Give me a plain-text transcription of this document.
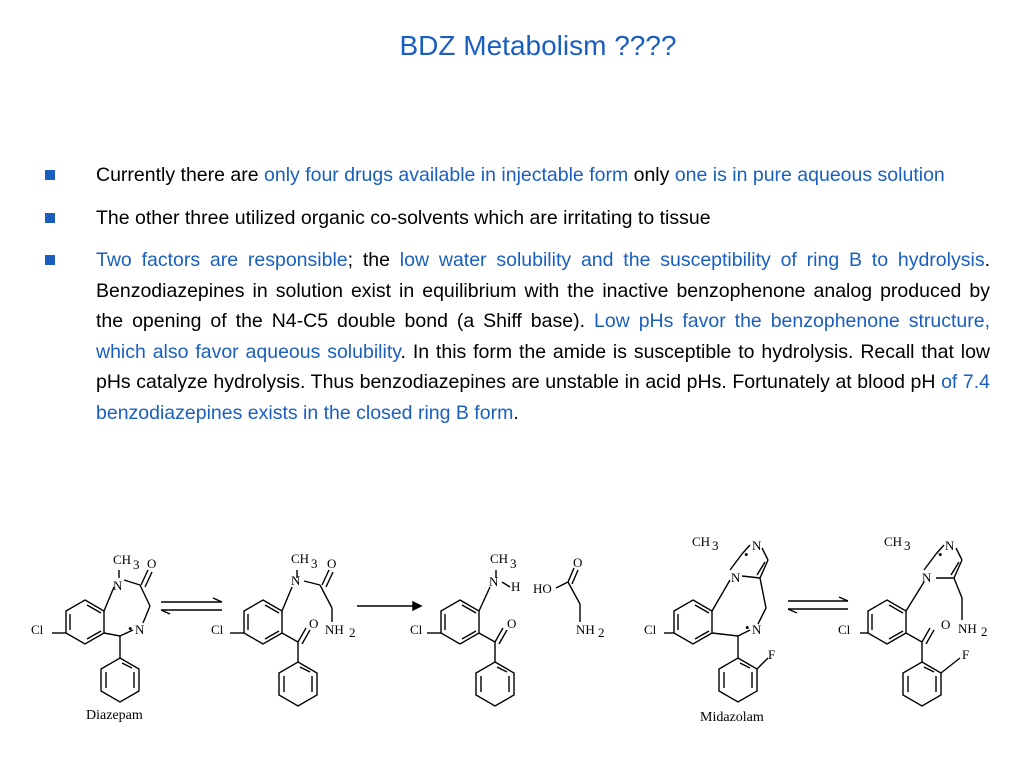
BDZ Metabolism ????
Currently there are only four drugs available in injectable form only one is in pure aqueous solution
The other three utilized organic co-solvents which are irritating to tissue
Two factors are responsible; the low water solubility and the susceptibility of ring B to hydrolysis. Benzodiazepines in solution exist in equilibrium with the inactive benzophenone analog produced by the opening of the N4-C5 double bond (a Shiff base). Low pHs favor the benzophenone structure, which also favor aqueous solubility. In this form the amide is susceptible to hydrolysis. Recall that low pHs catalyze hydrolysis. Thus benzodiazepines are unstable in acid pHs. Fortunately at blood pH of 7.4 benzodiazepines exists in the closed ring B form.
N
N
•
CH 3 O
Cl
Diazepam
N
CH 3 O
O NH 2
Cl
N H
CH 3
O
Cl
O
HO
NH 2
N
N
N
•
•
CH 3
F
Cl
Midazolam
N
N
•
CH 3
O NH 2
F
Cl
